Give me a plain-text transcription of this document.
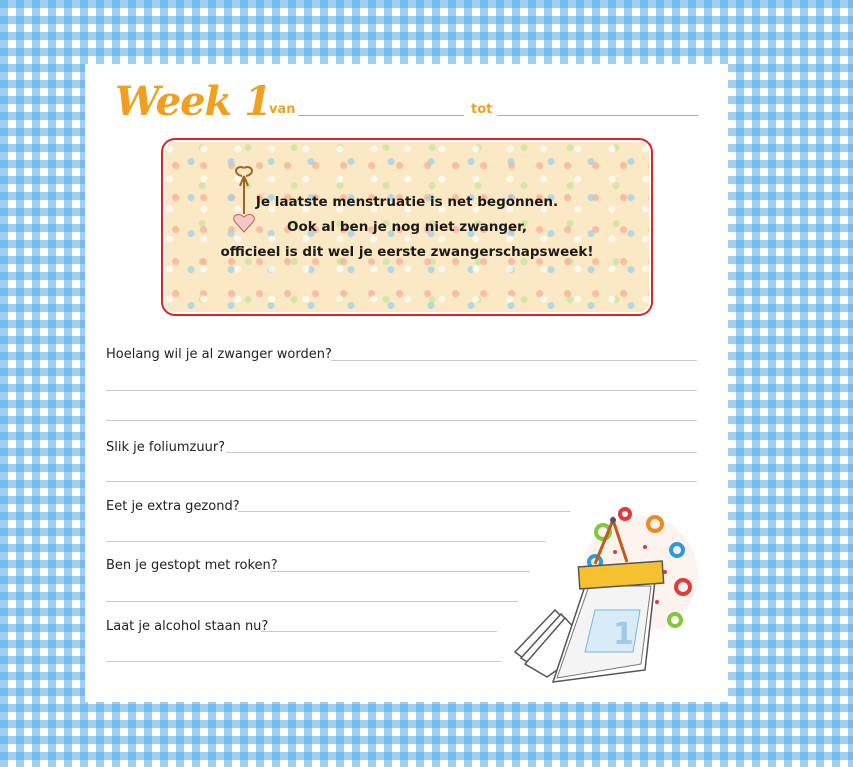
Week 1
van	tot
Je laatste menstruatie is net begonnen.
Ook al ben je nog niet zwanger,
officieel is dit wel je eerste zwangerschapsweek!
Hoelang wil je al zwanger worden?
Slik je foliumzuur?
Eet je extra gezond?
Ben je gestopt met roken?
Laat je alcohol staan nu?	1
